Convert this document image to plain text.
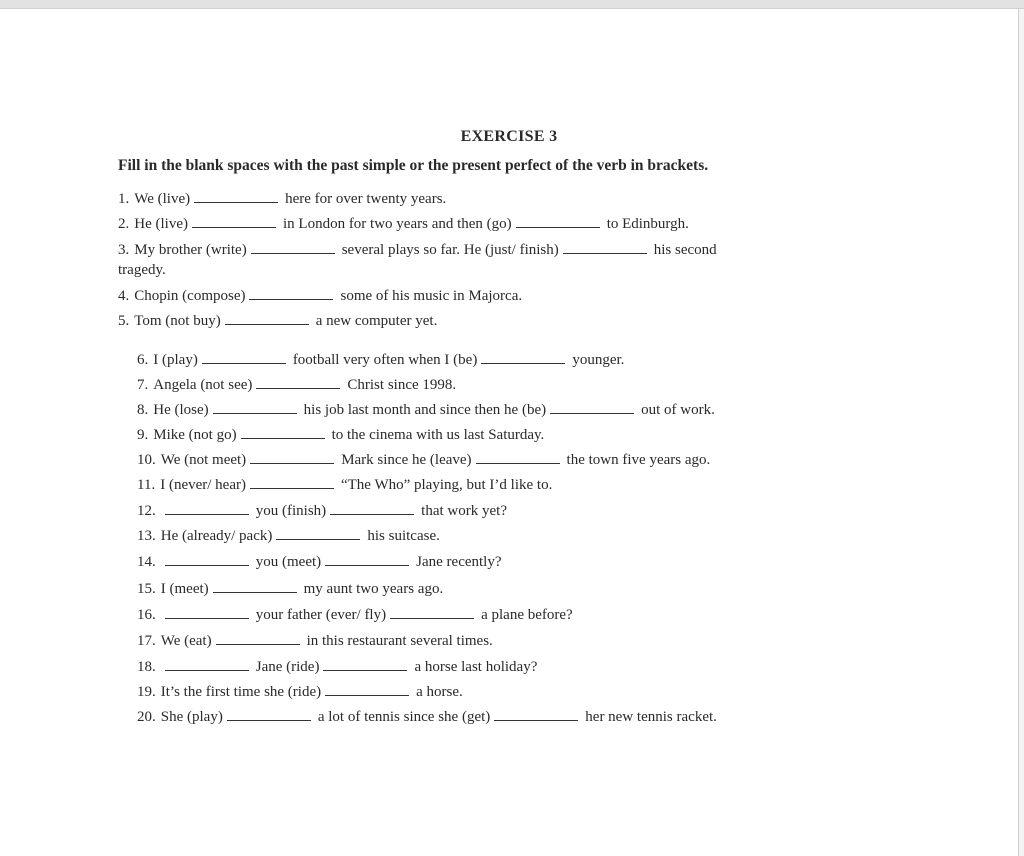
EXERCISE 3
Fill in the blank spaces with the past simple or the present perfect of the verb in brackets.
1. We (live)	here for over twenty years.
2. He (live)	in London for two years and then (go)	to Edinburgh.
3. My brother (write)	several plays so far. He (just/ finish)	his second
tragedy.
4. Chopin (compose)	some of his music in Majorca.
5. Tom (not buy)	a new computer yet.
6. I (play)	football very often when I (be)	younger.
7. Angela (not see)	Christ since 1998.
8. He (lose)	his job last month and since then he (be)	out of work.
9. Mike (not go)	to the cinema with us last Saturday.
10. We (not meet)	Mark since he (leave)	the town five years ago.
11. I (never/ hear)	“The Who” playing, but I’d like to.
12.	you (finish)	that work yet?
13. He (already/ pack)	his suitcase.
14.	you (meet)	Jane recently?
15. I (meet)	my aunt two years ago.
16.	your father (ever/ fly)	a plane before?
17. We (eat)	in this restaurant several times.
18.	Jane (ride)	a horse last holiday?
19. It’s the first time she (ride)	a horse.
20. She (play)	a lot of tennis since she (get)	her new tennis racket.
